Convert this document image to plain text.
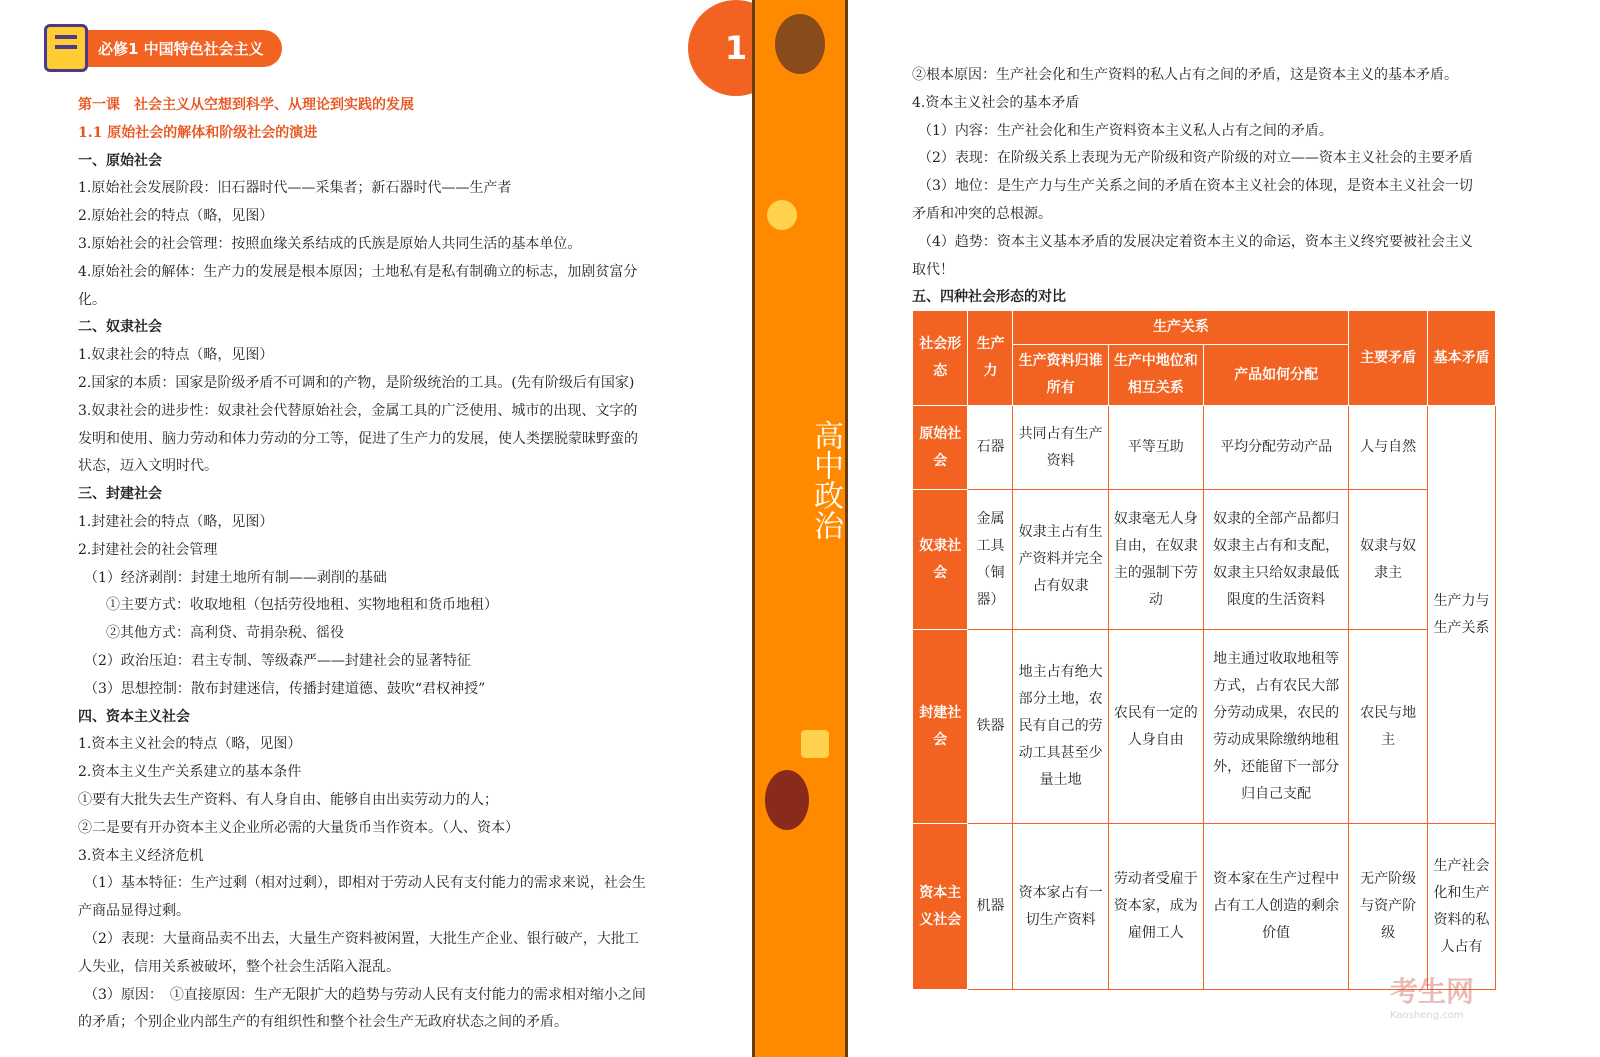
必修1 中国特色社会主义

第一课　社会主义从空想到科学、从理论到实践的发展

1.1 原始社会的解体和阶级社会的演进

一、原始社会

1.原始社会发展阶段：旧石器时代——采集者；新石器时代——生产者

2.原始社会的特点（略，见图）

3.原始社会的社会管理：按照血缘关系结成的氏族是原始人共同生活的基本单位。

4.原始社会的解体：生产力的发展是根本原因；土地私有是私有制确立的标志，加剧贫富分

化。

二、奴隶社会

1.奴隶社会的特点（略，见图）

2.国家的本质：国家是阶级矛盾不可调和的产物，是阶级统治的工具。(先有阶级后有国家)

3.奴隶社会的进步性：奴隶社会代替原始社会，金属工具的广泛使用、城市的出现、文字的

发明和使用、脑力劳动和体力劳动的分工等，促进了生产力的发展，使人类摆脱蒙昧野蛮的

状态，迈入文明时代。

三、封建社会

1.封建社会的特点（略，见图）

2.封建社会的社会管理

（1）经济剥削：封建土地所有制——剥削的基础

①主要方式：收取地租（包括劳役地租、实物地租和货币地租）

②其他方式：高利贷、苛捐杂税、徭役

（2）政治压迫：君主专制、等级森严——封建社会的显著特征

（3）思想控制：散布封建迷信，传播封建道德、鼓吹“君权神授”

四、资本主义社会

1.资本主义社会的特点（略，见图）

2.资本主义生产关系建立的基本条件

①要有大批失去生产资料、有人身自由、能够自由出卖劳动力的人；

②二是要有开办资本主义企业所必需的大量货币当作资本。（人、资本）

3.资本主义经济危机

（1）基本特征：生产过剩（相对过剩），即相对于劳动人民有支付能力的需求来说，社会生

产商品显得过剩。

（2）表现：大量商品卖不出去，大量生产资料被闲置，大批生产企业、银行破产，大批工

人失业，信用关系被破坏，整个社会生活陷入混乱。

（3）原因：　①直接原因：生产无限扩大的趋势与劳动人民有支付能力的需求相对缩小之间

的矛盾；个别企业内部生产的有组织性和整个社会生产无政府状态之间的矛盾。

1
高中政治

②根本原因：生产社会化和生产资料的私人占有之间的矛盾，这是资本主义的基本矛盾。

4.资本主义社会的基本矛盾

（1）内容：生产社会化和生产资料资本主义私人占有之间的矛盾。

（2）表现：在阶级关系上表现为无产阶级和资产阶级的对立——资本主义社会的主要矛盾

（3）地位：是生产力与生产关系之间的矛盾在资本主义社会的体现，是资本主义社会一切

矛盾和冲突的总根源。

（4）趋势：资本主义基本矛盾的发展决定着资本主义的命运，资本主义终究要被社会主义

取代！

五、四种社会形态的对比

社会形态	生产力	生产关系			主要矛盾	基本矛盾
		生产资料归谁所有	生产中地位和相互关系	产品如何分配		
原始社会	石器	共同占有生产资料	平等互助	平均分配劳动产品	人与自然	生产力与生产关系
奴隶社会	金属工具（铜器）	奴隶主占有生产资料并完全占有奴隶	奴隶毫无人身自由，在奴隶主的强制下劳动	奴隶的全部产品都归奴隶主占有和支配，奴隶主只给奴隶最低限度的生活资料	奴隶与奴隶主	
封建社会	铁器	地主占有绝大部分土地，农民有自己的劳动工具甚至少量土地	农民有一定的人身自由	地主通过收取地租等方式，占有农民大部分劳动成果，农民的劳动成果除缴纳地租外，还能留下一部分归自己支配	农民与地主	
资本主义社会	机器	资本家占有一切生产资料	劳动者受雇于资本家，成为雇佣工人	资本家在生产过程中占有工人创造的剩余价值	无产阶级与资产阶级	生产社会化和生产资料的私人占有
考生网
Kaosheng.com
